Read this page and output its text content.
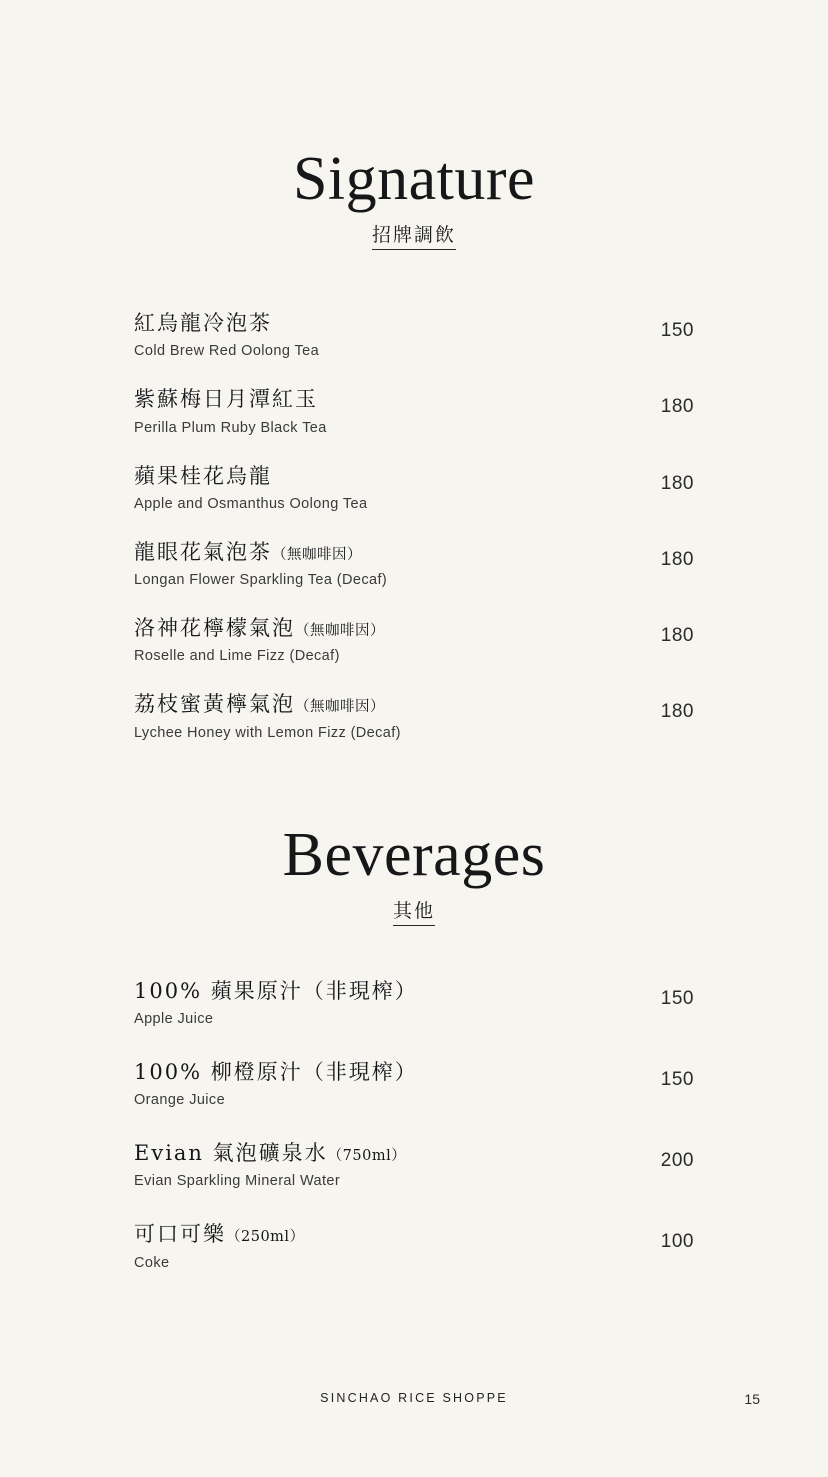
Signature
招牌調飲
紅烏龍冷泡茶
Cold Brew Red Oolong Tea
150
紫蘇梅日月潭紅玉
Perilla Plum Ruby Black Tea
180
蘋果桂花烏龍
Apple and Osmanthus Oolong Tea
180
龍眼花氣泡茶（無咖啡因）
Longan Flower Sparkling Tea (Decaf)
180
洛神花檸檬氣泡（無咖啡因）
Roselle and Lime Fizz (Decaf)
180
荔枝蜜黃檸氣泡（無咖啡因）
Lychee Honey with Lemon Fizz (Decaf)
180
Beverages
其他
100% 蘋果原汁（非現榨）
Apple Juice
150
100% 柳橙原汁（非現榨）
Orange Juice
150
Evian 氣泡礦泉水（750ml）
Evian Sparkling Mineral Water
200
可口可樂（250ml）
Coke
100
SINCHAO RICE SHOPPE	15
